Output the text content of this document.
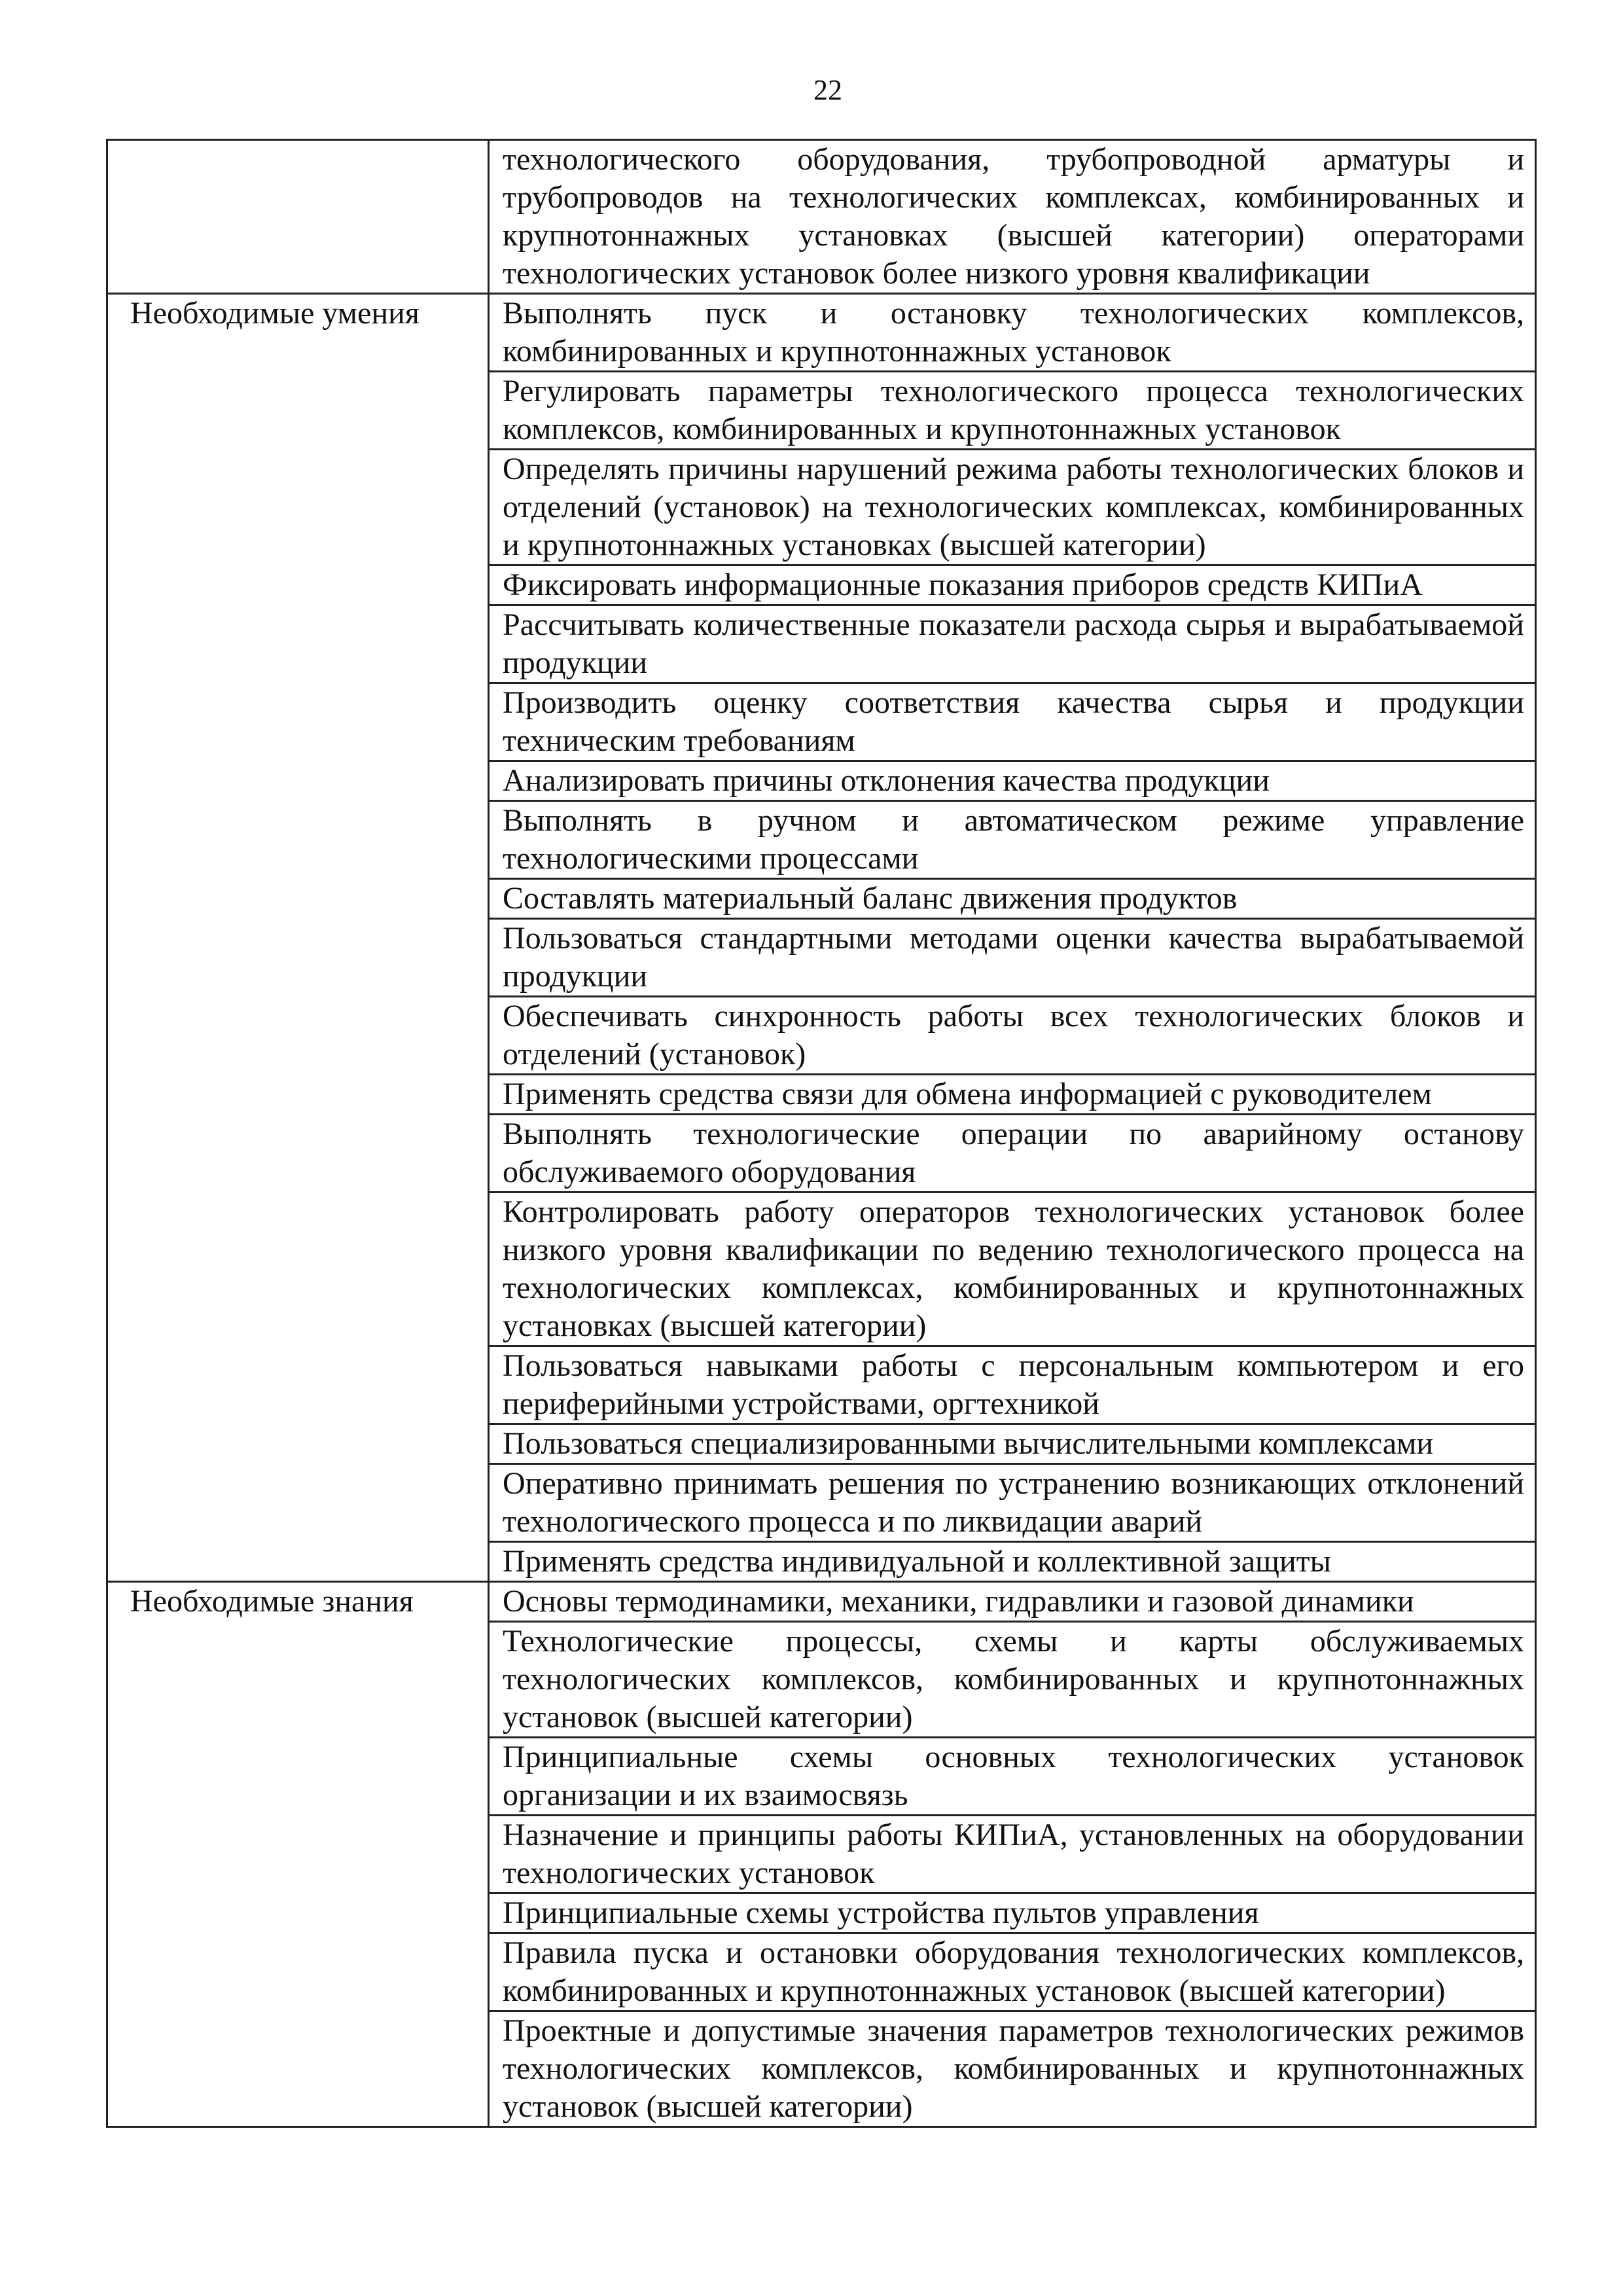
22
	технологического оборудования, трубопроводной арматуры и трубопроводов на технологических комплексах, комбинированных и крупнотоннажных установках (высшей категории) операторами технологических установок более низкого уровня квалификации
Необходимые умения	Выполнять пуск и остановку технологических комплексов, комбинированных и крупнотоннажных установок
	Регулировать параметры технологического процесса технологических комплексов, комбинированных и крупнотоннажных установок
	Определять причины нарушений режима работы технологических блоков и отделений (установок) на технологических комплексах, комбинированных и крупнотоннажных установках (высшей категории)
	Фиксировать информационные показания приборов средств КИПиА
	Рассчитывать количественные показатели расхода сырья и вырабатываемой продукции
	Производить оценку соответствия качества сырья и продукции техническим требованиям
	Анализировать причины отклонения качества продукции
	Выполнять в ручном и автоматическом режиме управление технологическими процессами
	Составлять материальный баланс движения продуктов
	Пользоваться стандартными методами оценки качества вырабатываемой продукции
	Обеспечивать синхронность работы всех технологических блоков и отделений (установок)
	Применять средства связи для обмена информацией с руководителем
	Выполнять технологические операции по аварийному останову обслуживаемого оборудования
	Контролировать работу операторов технологических установок более низкого уровня квалификации по ведению технологического процесса на технологических комплексах, комбинированных и крупнотоннажных установках (высшей категории)
	Пользоваться навыками работы с персональным компьютером и его периферийными устройствами, оргтехникой
	Пользоваться специализированными вычислительными комплексами
	Оперативно принимать решения по устранению возникающих отклонений технологического процесса и по ликвидации аварий
	Применять средства индивидуальной и коллективной защиты
Необходимые знания	Основы термодинамики, механики, гидравлики и газовой динамики
	Технологические процессы, схемы и карты обслуживаемых технологических комплексов, комбинированных и крупнотоннажных установок (высшей категории)
	Принципиальные схемы основных технологических установок организации и их взаимосвязь
	Назначение и принципы работы КИПиА, установленных на оборудовании технологических установок
	Принципиальные схемы устройства пультов управления
	Правила пуска и остановки оборудования технологических комплексов, комбинированных и крупнотоннажных установок (высшей категории)
	Проектные и допустимые значения параметров технологических режимов технологических комплексов, комбинированных и крупнотоннажных установок (высшей категории)
